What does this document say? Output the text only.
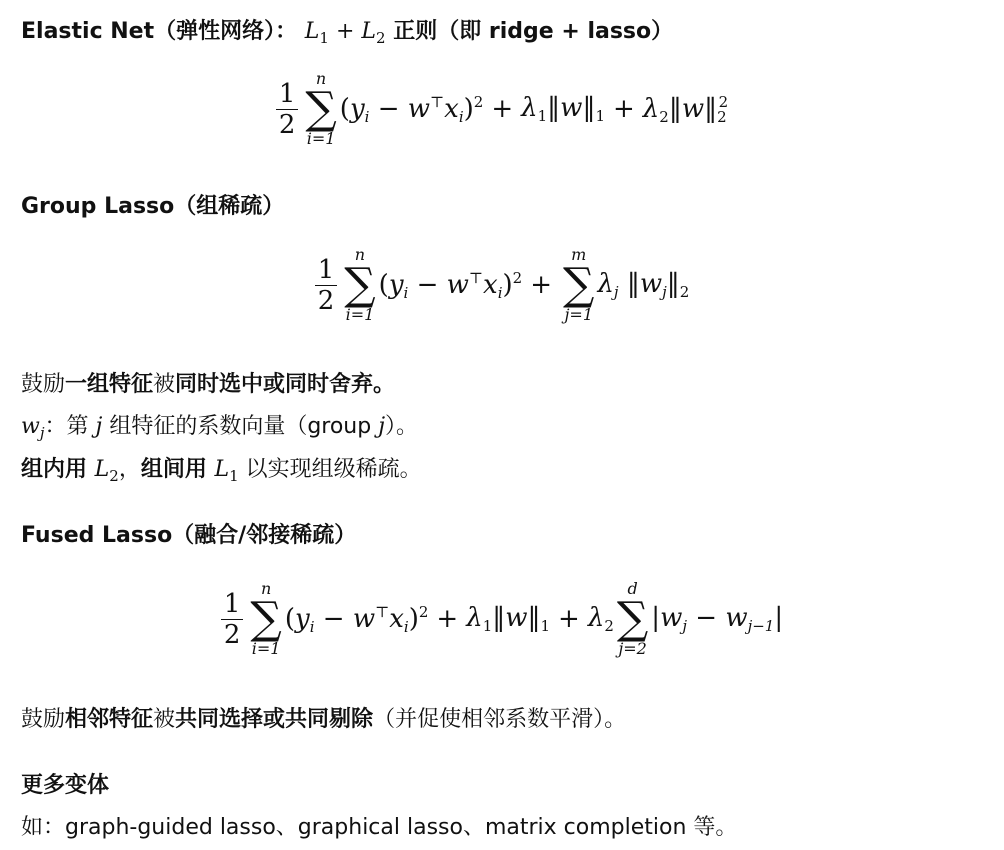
Elastic Net（弹性网络）： $L_1 + L_2$ 正则（即 ridge + lasso）
$\frac{1}{2}$ n
∑
i=1
$(yi - w^⊤xi)^2 + \lambda_1‖w‖_1$ + $\lambda_2‖w‖_2^2$
Group Lasso（组稀疏）
$\frac{1}{2}$ n
∑
i=1
(yi − w⊤xi)$^2$ +
m
∑
j=1
λj $‖wj‖_2$
鼓励一组特征被同时选中或同时舍弃。
$w_j$：第 j 组特征的系数向量（group j）。
组内用 $L_2$，组间用 $L_1$ 以实现组级稀疏。
Fused Lasso（融合/邻接稀疏）
$\frac{1}{2}$ n
∑
i=1
$(yi - w^⊤xi)^2 + \lambda_1‖w‖_1 + \lambda_2$
d
∑
j=2
|wj − wj−1|
鼓励相邻特征被共同选择或共同剔除（并促使相邻系数平滑）。
更多变体
如：graph-guided lasso、graphical lasso、matrix completion 等。
